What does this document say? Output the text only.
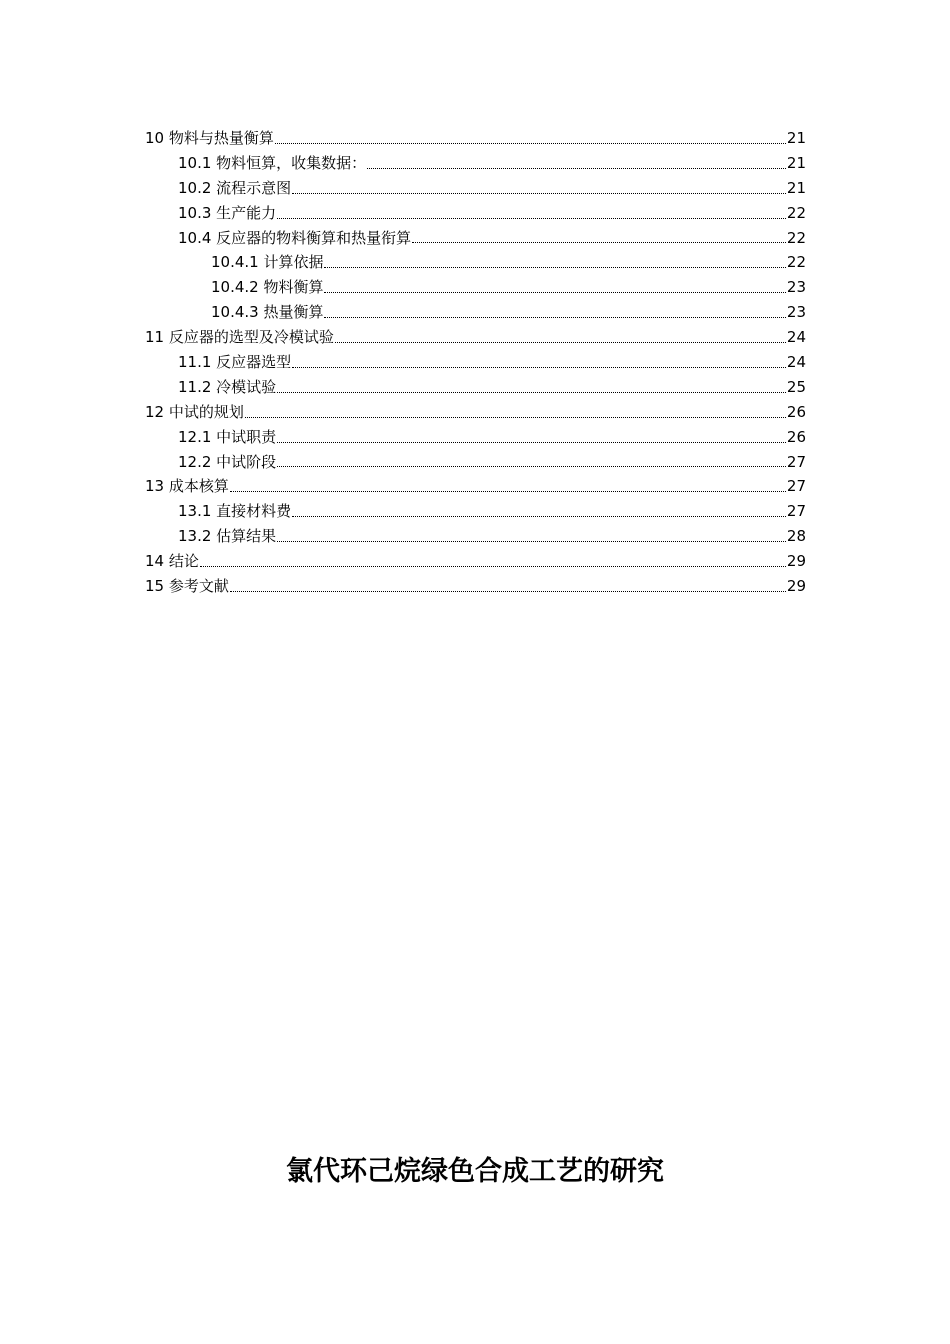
10 物料与热量衡算	21
10.1 物料恒算，收集数据：	21
10.2 流程示意图	21
10.3 生产能力	22
10.4 反应器的物料衡算和热量衔算	22
10.4.1 计算依据	22
10.4.2 物料衡算	23
10.4.3 热量衡算	23
11 反应器的选型及冷模试验	24
11.1 反应器选型	24
11.2 冷模试验	25
12 中试的规划	26
12.1 中试职责	26
12.2 中试阶段	27
13 成本核算	27
13.1 直接材料费	27
13.2 估算结果	28
14 结论	29
15 参考文献	29
氯代环己烷绿色合成工艺的研究
